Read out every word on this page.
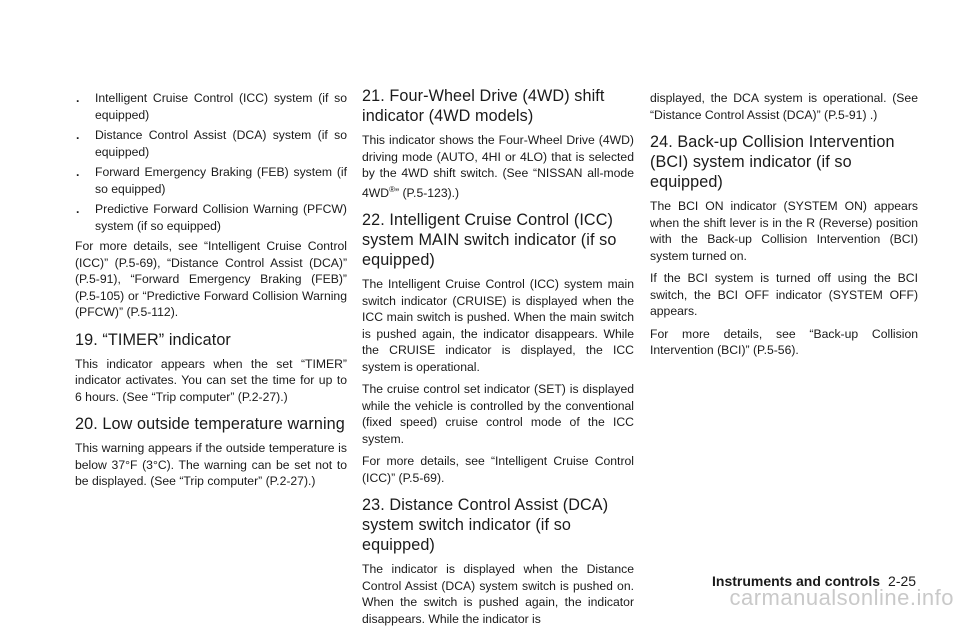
. Intelligent Cruise Control (ICC) system (if so equipped)
. Distance Control Assist (DCA) system (if so equipped)
. Forward Emergency Braking (FEB) system (if so equipped)
. Predictive Forward Collision Warning (PFCW) system (if so equipped)

For more details, see “Intelligent Cruise Control (ICC)” (P.5-69), “Distance Control Assist (DCA)” (P.5-91), “Forward Emergency Braking (FEB)” (P.5-105) or “Predictive Forward Collision Warning (PFCW)” (P.5-112).

19. “TIMER” indicator

This indicator appears when the set “TIMER” indicator activates. You can set the time for up to 6 hours. (See “Trip computer” (P.2-27).)

20. Low outside temperature warning

This warning appears if the outside temperature is below 37°F (3°C). The warning can be set not to be displayed. (See “Trip computer” (P.2-27).)

21. Four-Wheel Drive (4WD) shift indicator (4WD models)

This indicator shows the Four-Wheel Drive (4WD) driving mode (AUTO, 4HI or 4LO) that is selected by the 4WD shift switch. (See “NISSAN all-mode 4WD®” (P.5-123).)

22. Intelligent Cruise Control (ICC) system MAIN switch indicator (if so equipped)

The Intelligent Cruise Control (ICC) system main switch indicator (CRUISE) is displayed when the ICC main switch is pushed. When the main switch is pushed again, the indicator disappears. While the CRUISE indicator is displayed, the ICC system is operational.

The cruise control set indicator (SET) is displayed while the vehicle is controlled by the conventional (fixed speed) cruise control mode of the ICC system.

For more details, see “Intelligent Cruise Control (ICC)” (P.5-69).

23. Distance Control Assist (DCA) system switch indicator (if so equipped)

The indicator is displayed when the Distance Control Assist (DCA) system switch is pushed on. When the switch is pushed again, the indicator disappears. While the indicator is

displayed, the DCA system is operational. (See “Distance Control Assist (DCA)” (P.5-91) .)

24. Back-up Collision Intervention (BCI) system indicator (if so equipped)

The BCI ON indicator (SYSTEM ON) appears when the shift lever is in the R (Reverse) position with the Back-up Collision Intervention (BCI) system turned on.

If the BCI system is turned off using the BCI switch, the BCI OFF indicator (SYSTEM OFF) appears.

For more details, see “Back-up Collision Intervention (BCI)” (P.5-56).

Instruments and controls 2-25
carmanualsonline.info
